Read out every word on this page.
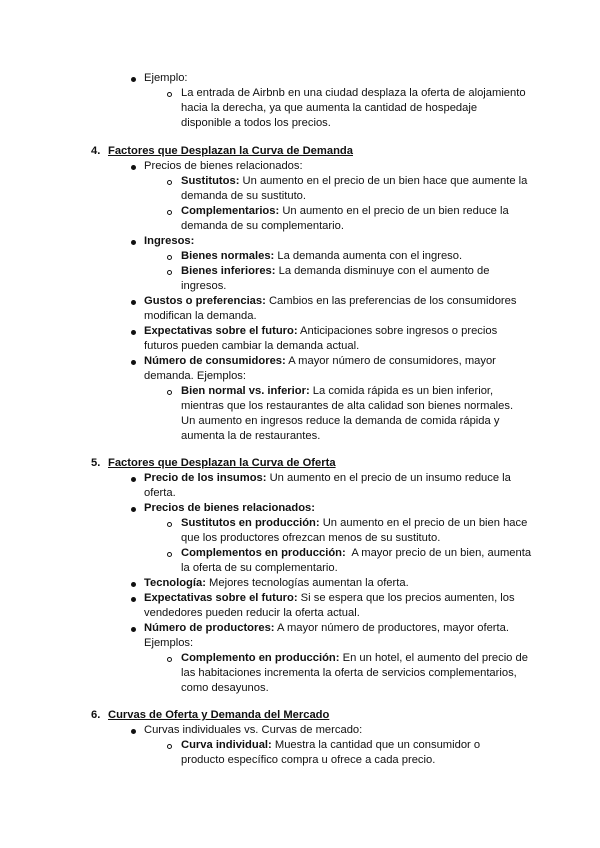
Ejemplo:
La entrada de Airbnb en una ciudad desplaza la oferta de alojamiento
hacia la derecha, ya que aumenta la cantidad de hospedaje
disponible a todos los precios.
4. Factores que Desplazan la Curva de Demanda
Precios de bienes relacionados:
Sustitutos: Un aumento en el precio de un bien hace que aumente la
demanda de su sustituto.
Complementarios: Un aumento en el precio de un bien reduce la
demanda de su complementario.
Ingresos:
Bienes normales: La demanda aumenta con el ingreso.
Bienes inferiores: La demanda disminuye con el aumento de
ingresos.
Gustos o preferencias: Cambios en las preferencias de los consumidores
modifican la demanda.
Expectativas sobre el futuro: Anticipaciones sobre ingresos o precios
futuros pueden cambiar la demanda actual.
Número de consumidores: A mayor número de consumidores, mayor
demanda. Ejemplos:
Bien normal vs. inferior: La comida rápida es un bien inferior,
mientras que los restaurantes de alta calidad son bienes normales.
Un aumento en ingresos reduce la demanda de comida rápida y
aumenta la de restaurantes.
5. Factores que Desplazan la Curva de Oferta
Precio de los insumos: Un aumento en el precio de un insumo reduce la
oferta.
Precios de bienes relacionados:
Sustitutos en producción: Un aumento en el precio de un bien hace
que los productores ofrezcan menos de su sustituto.
Complementos en producción:  A mayor precio de un bien, aumenta
la oferta de su complementario.
Tecnología: Mejores tecnologías aumentan la oferta.
Expectativas sobre el futuro: Si se espera que los precios aumenten, los
vendedores pueden reducir la oferta actual.
Número de productores: A mayor número de productores, mayor oferta.
Ejemplos:
Complemento en producción: En un hotel, el aumento del precio de
las habitaciones incrementa la oferta de servicios complementarios,
como desayunos.
6. Curvas de Oferta y Demanda del Mercado
Curvas individuales vs. Curvas de mercado:
Curva individual: Muestra la cantidad que un consumidor o
producto específico compra u ofrece a cada precio.
